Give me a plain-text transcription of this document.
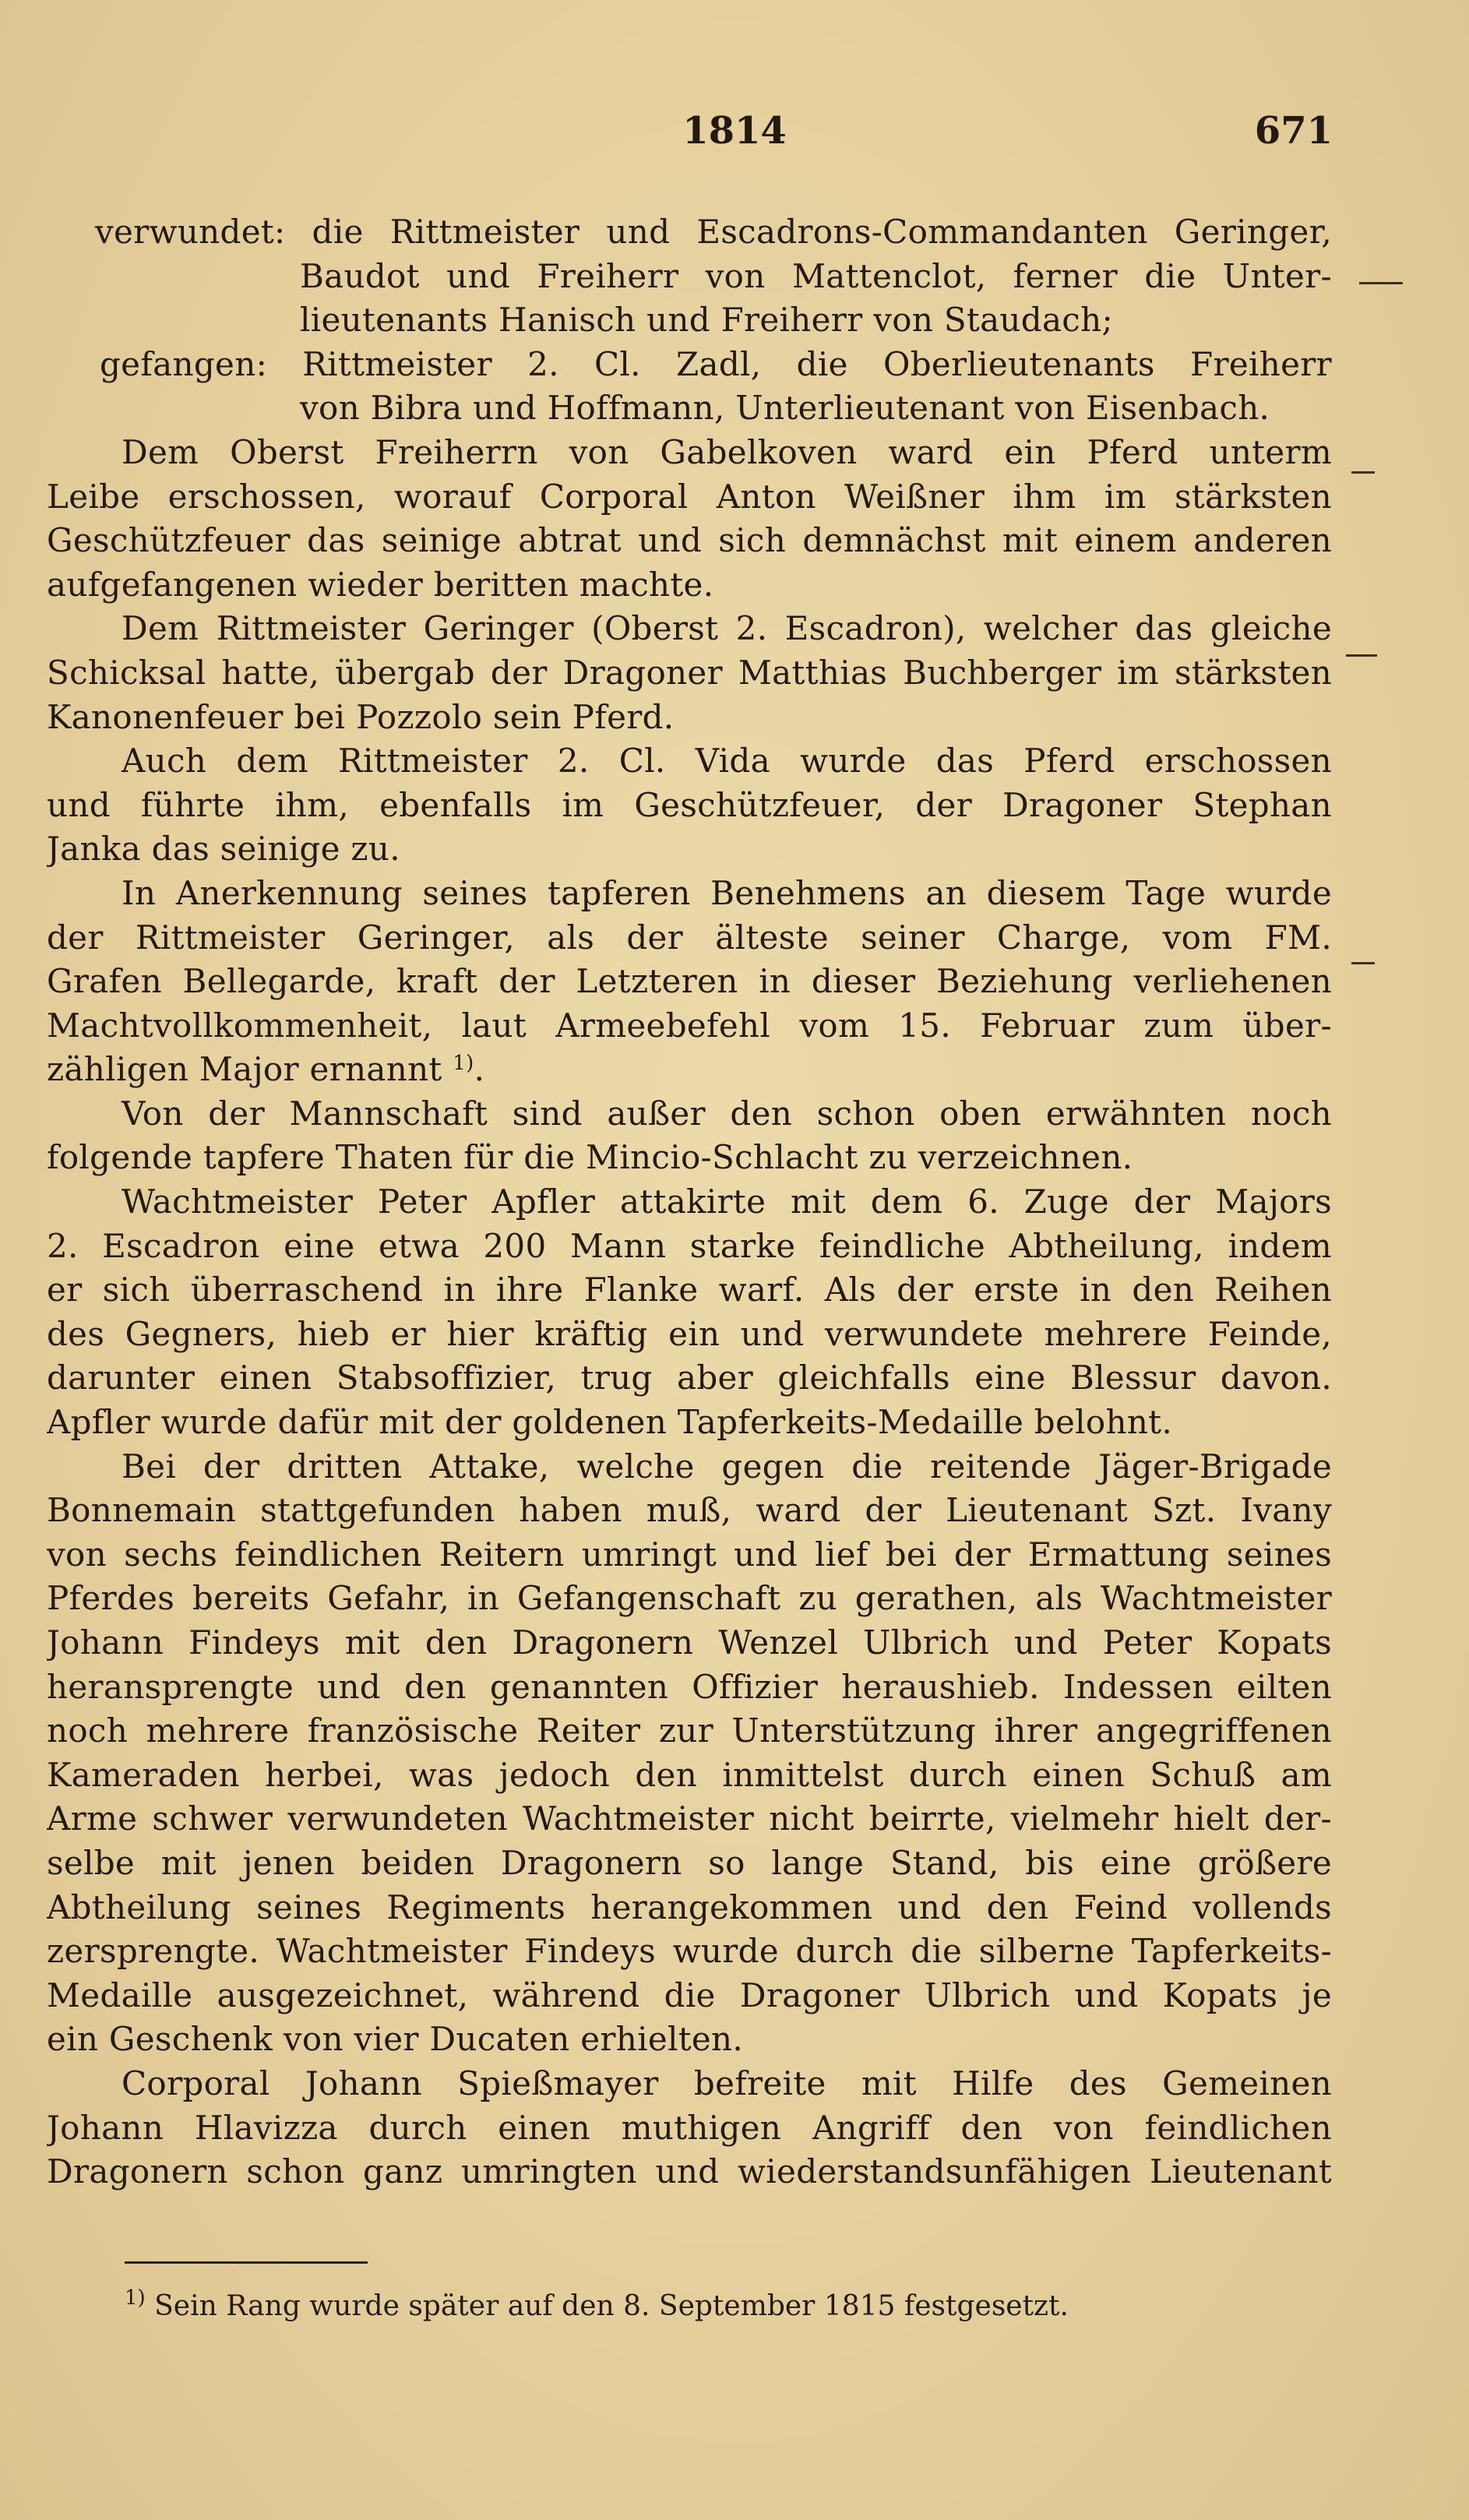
1814	671
verwundet: die Rittmeister und Escadrons-Commandanten Geringer,
Baudot und Freiherr von Mattenclot, ferner die Unter-
lieutenants Hanisch und Freiherr von Staudach;
gefangen: Rittmeister 2. Cl. Zadl, die Oberlieutenants Freiherr
von Bibra und Hoffmann, Unterlieutenant von Eisenbach.
Dem Oberst Freiherrn von Gabelkoven ward ein Pferd unterm
Leibe erschossen, worauf Corporal Anton Weißner ihm im stärksten
Geschützfeuer das seinige abtrat und sich demnächst mit einem anderen
aufgefangenen wieder beritten machte.
Dem Rittmeister Geringer (Oberst 2. Escadron), welcher das gleiche
Schicksal hatte, übergab der Dragoner Matthias Buchberger im stärksten
Kanonenfeuer bei Pozzolo sein Pferd.
Auch dem Rittmeister 2. Cl. Vida wurde das Pferd erschossen
und führte ihm, ebenfalls im Geschützfeuer, der Dragoner Stephan
Janka das seinige zu.
In Anerkennung seines tapferen Benehmens an diesem Tage wurde
der Rittmeister Geringer, als der älteste seiner Charge, vom FM.
Grafen Bellegarde, kraft der Letzteren in dieser Beziehung verliehenen
Machtvollkommenheit, laut Armeebefehl vom 15. Februar zum über-
zähligen Major ernannt $^{1)}$.
Von der Mannschaft sind außer den schon oben erwähnten noch
folgende tapfere Thaten für die Mincio-Schlacht zu verzeichnen.
Wachtmeister Peter Apfler attakirte mit dem 6. Zuge der Majors
2. Escadron eine etwa 200 Mann starke feindliche Abtheilung, indem
er sich überraschend in ihre Flanke warf. Als der erste in den Reihen
des Gegners, hieb er hier kräftig ein und verwundete mehrere Feinde,
darunter einen Stabsoffizier, trug aber gleichfalls eine Blessur davon.
Apfler wurde dafür mit der goldenen Tapferkeits-Medaille belohnt.
Bei der dritten Attake, welche gegen die reitende Jäger-Brigade
Bonnemain stattgefunden haben muß, ward der Lieutenant Szt. Ivany
von sechs feindlichen Reitern umringt und lief bei der Ermattung seines
Pferdes bereits Gefahr, in Gefangenschaft zu gerathen, als Wachtmeister
Johann Findeys mit den Dragonern Wenzel Ulbrich und Peter Kopats
heransprengte und den genannten Offizier heraushieb. Indessen eilten
noch mehrere französische Reiter zur Unterstützung ihrer angegriffenen
Kameraden herbei, was jedoch den inmittelst durch einen Schuß am
Arme schwer verwundeten Wachtmeister nicht beirrte, vielmehr hielt der-
selbe mit jenen beiden Dragonern so lange Stand, bis eine größere
Abtheilung seines Regiments herangekommen und den Feind vollends
zersprengte. Wachtmeister Findeys wurde durch die silberne Tapferkeits-
Medaille ausgezeichnet, während die Dragoner Ulbrich und Kopats je
ein Geschenk von vier Ducaten erhielten.
Corporal Johann Spießmayer befreite mit Hilfe des Gemeinen
Johann Hlavizza durch einen muthigen Angriff den von feindlichen
Dragonern schon ganz umringten und wiederstandsunfähigen Lieutenant
$^{1)}$ Sein Rang wurde später auf den 8. September 1815 festgesetzt.
